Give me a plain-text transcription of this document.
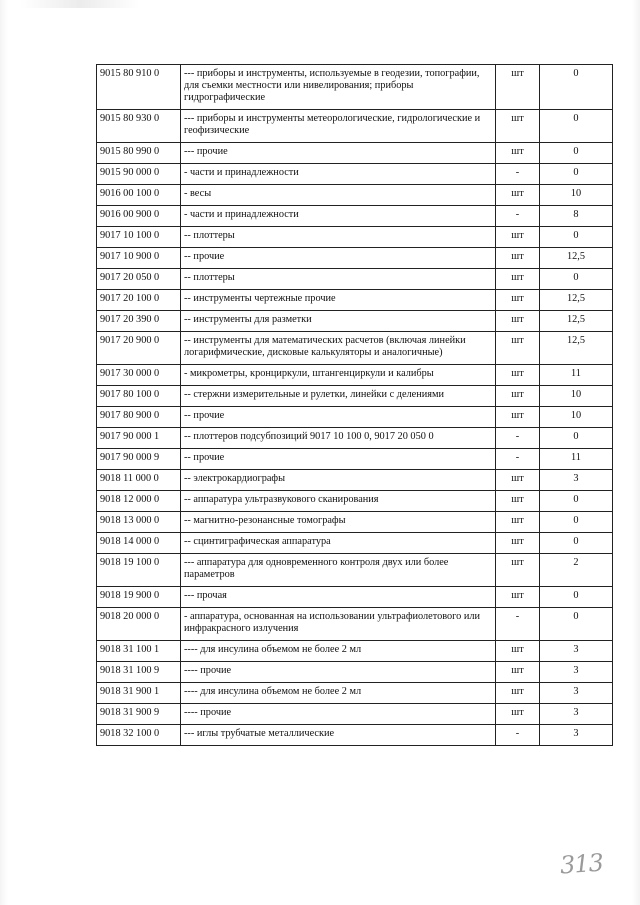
9015 80 910 0	--- приборы и инструменты, используемые в геодезии, топографии, для съемки местности или нивелирования; приборы гидрографические	шт	0
9015 80 930 0	--- приборы и инструменты метеорологические, гидрологические и геофизические	шт	0
9015 80 990 0	--- прочие	шт	0
9015 90 000 0	- части и принадлежности	-	0
9016 00 100 0	- весы	шт	10
9016 00 900 0	- части и принадлежности	-	8
9017 10 100 0	-- плоттеры	шт	0
9017 10 900 0	-- прочие	шт	12,5
9017 20 050 0	-- плоттеры	шт	0
9017 20 100 0	-- инструменты чертежные прочие	шт	12,5
9017 20 390 0	-- инструменты для разметки	шт	12,5
9017 20 900 0	-- инструменты для математических расчетов (включая линейки логарифмические, дисковые калькуляторы и аналогичные)	шт	12,5
9017 30 000 0	- микрометры, кронциркули, штангенциркули и калибры	шт	11
9017 80 100 0	-- стержни измерительные и рулетки, линейки с делениями	шт	10
9017 80 900 0	-- прочие	шт	10
9017 90 000 1	-- плоттеров подсубпозиций 9017 10 100 0, 9017 20 050 0	-	0
9017 90 000 9	-- прочие	-	11
9018 11 000 0	-- электрокардиографы	шт	3
9018 12 000 0	-- аппаратура ультразвукового сканирования	шт	0
9018 13 000 0	-- магнитно-резонансные томографы	шт	0
9018 14 000 0	-- сцинтиграфическая аппаратура	шт	0
9018 19 100 0	--- аппаратура для одновременного контроля двух или более параметров	шт	2
9018 19 900 0	--- прочая	шт	0
9018 20 000 0	- аппаратура, основанная на использовании ультрафиолетового или инфракрасного излучения	-	0
9018 31 100 1	---- для инсулина объемом не более 2 мл	шт	3
9018 31 100 9	---- прочие	шт	3
9018 31 900 1	---- для инсулина объемом не более 2 мл	шт	3
9018 31 900 9	---- прочие	шт	3
9018 32 100 0	--- иглы трубчатые металлические	-	3
313
